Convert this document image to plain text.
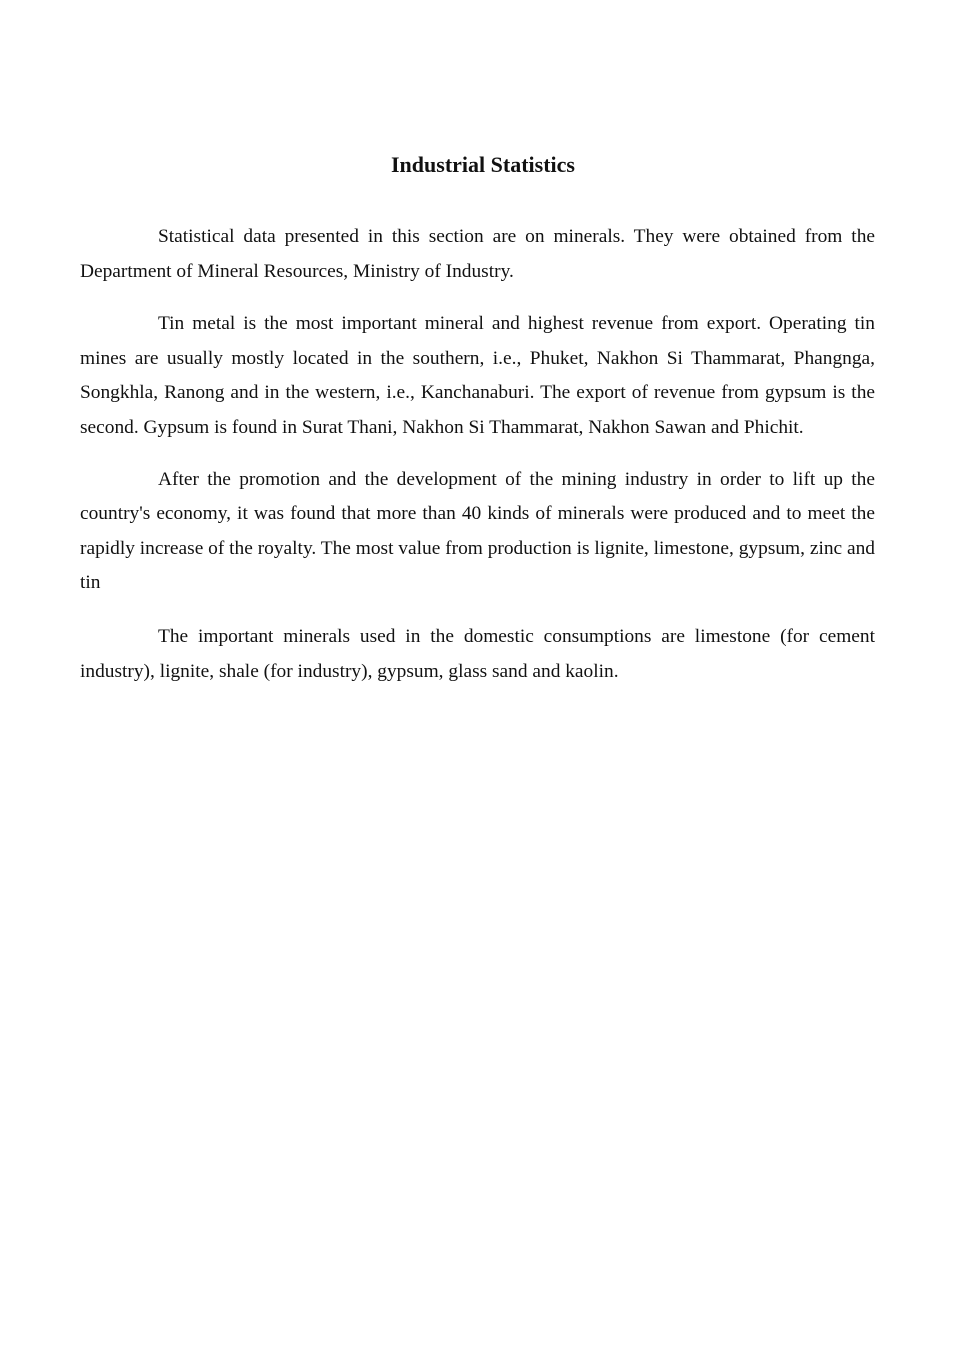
Industrial Statistics

Statistical data presented in this section are on minerals. They were obtained from the Department of Mineral Resources, Ministry of Industry.

Tin metal is the most important mineral and highest revenue from export. Operating tin mines are usually mostly located in the southern, i.e., Phuket, Nakhon Si Thammarat, Phangnga, Songkhla, Ranong and in the western, i.e., Kanchanaburi. The export of revenue from gypsum is the second. Gypsum is found in Surat Thani, Nakhon Si Thammarat, Nakhon Sawan and Phichit.

After the promotion and the development of the mining industry in order to lift up the country's economy, it was found that more than 40 kinds of minerals were produced and to meet the rapidly increase of the royalty. The most value from production is lignite, limestone, gypsum, zinc and tin

The important minerals used in the domestic consumptions are limestone (for cement industry), lignite, shale (for industry), gypsum, glass sand and kaolin.
